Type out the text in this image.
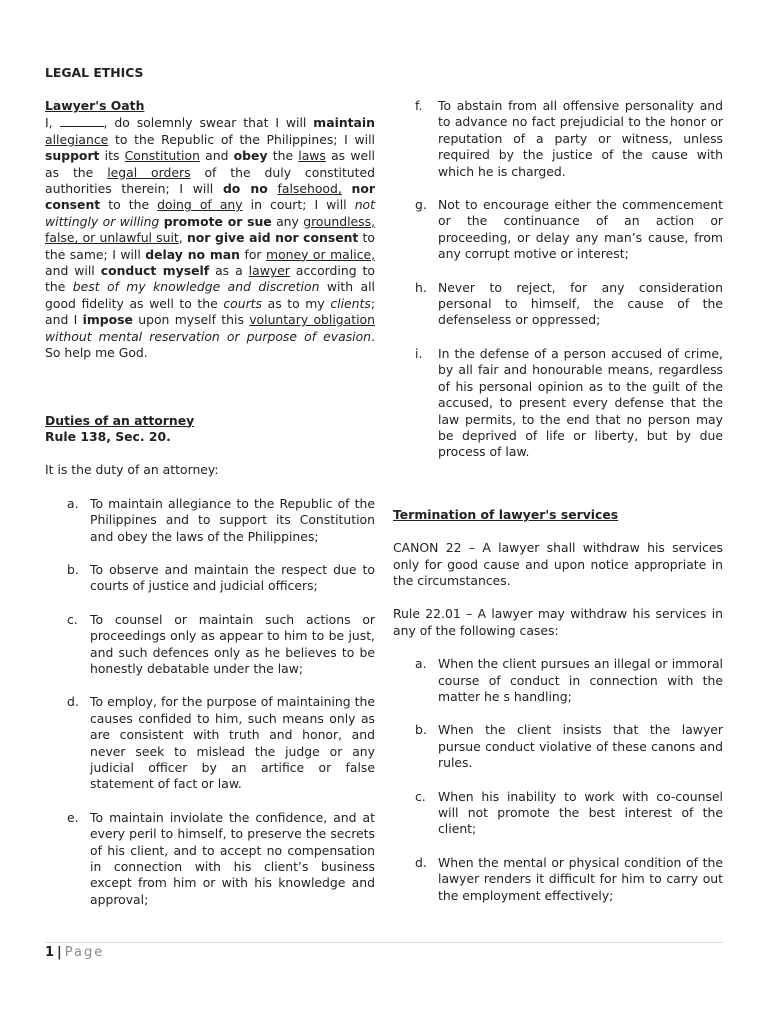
LEGAL ETHICS
Lawyer's Oath

I,	, do solemnly swear that I will maintain allegiance to the Republic of the Philippines; I will support its Constitution and obey the laws as well as the legal orders of the duly constituted authorities therein; I will do no falsehood, nor consent to the doing of any in court; I will not wittingly or willing promote or sue any groundless, false, or unlawful suit, nor give aid nor consent to the same; I will delay no man for money or malice, and will conduct myself as a lawyer according to the best of my knowledge and discretion with all good fidelity as well to the courts as to my clients; and I impose upon myself this voluntary obligation without mental reservation or purpose of evasion. So help me God.

Duties of an attorney
Rule 138, Sec. 20.

It is the duty of an attorney:

a. To maintain allegiance to the Republic of the Philippines and to support its Constitution and obey the laws of the Philippines;
b. To observe and maintain the respect due to courts of justice and judicial officers;
c. To counsel or maintain such actions or proceedings only as appear to him to be just, and such defences only as he believes to be honestly debatable under the law;
d. To employ, for the purpose of maintaining the causes confided to him, such means only as are consistent with truth and honor, and never seek to mislead the judge or any judicial officer by an artifice or false statement of fact or law.
e. To maintain inviolate the confidence, and at every peril to himself, to preserve the secrets of his client, and to accept no compensation in connection with his client’s business except from him or with his knowledge and approval;
f. To abstain from all offensive personality and to advance no fact prejudicial to the honor or reputation of a party or witness, unless required by the justice of the cause with which he is charged.
g. Not to encourage either the commencement or the continuance of an action or proceeding, or delay any man’s cause, from any corrupt motive or interest;
h. Never to reject, for any consideration personal to himself, the cause of the defenseless or oppressed;
i. In the defense of a person accused of crime, by all fair and honourable means, regardless of his personal opinion as to the guilt of the accused, to present every defense that the law permits, to the end that no person may be deprived of life or liberty, but by due process of law.
Termination of lawyer's services

CANON 22 – A lawyer shall withdraw his services only for good cause and upon notice appropriate in the circumstances.

Rule 22.01 – A lawyer may withdraw his services in any of the following cases:

a. When the client pursues an illegal or immoral course of conduct in connection with the matter he s handling;
b. When the client insists that the lawyer pursue conduct violative of these canons and rules.
c. When his inability to work with co-counsel will not promote the best interest of the client;
d. When the mental or physical condition of the lawyer renders it difficult for him to carry out the employment effectively;
1 | Page
